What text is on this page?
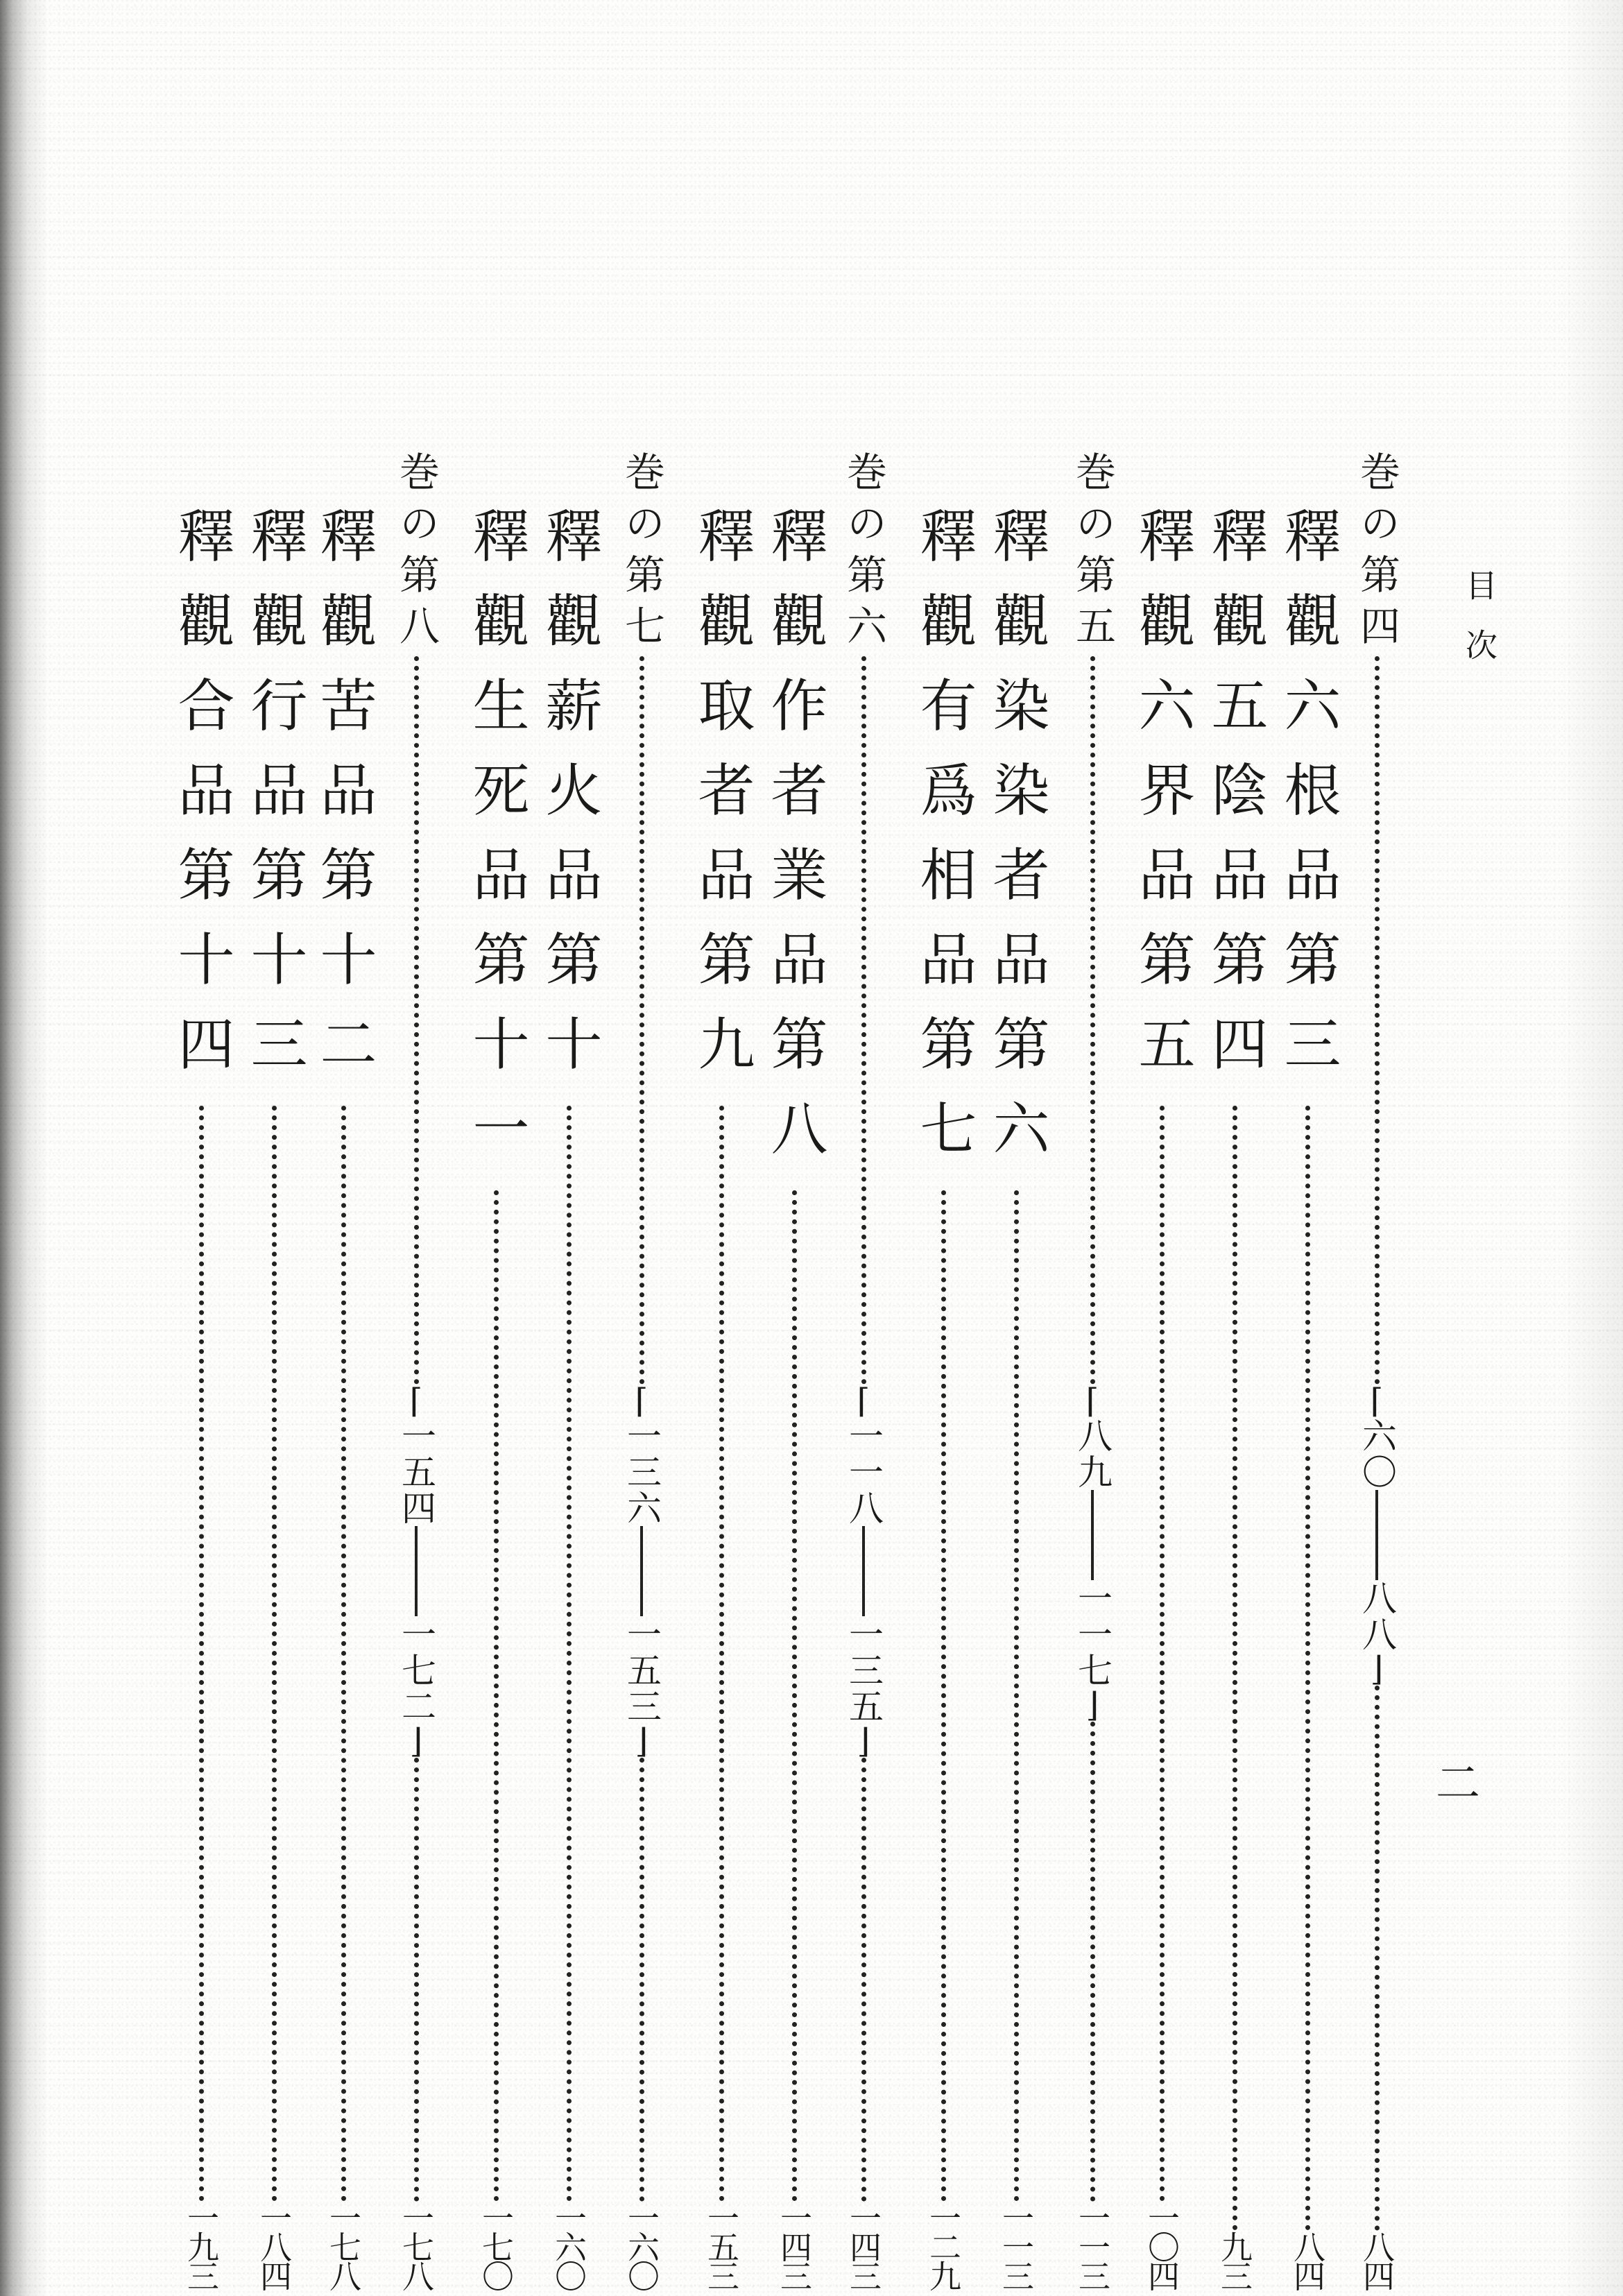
目次
二
巻の第四
⌈
六〇
八八
⌋
八四
釋觀六根品第三
八四
釋觀五陰品第四
九三
釋觀六界品第五
一〇四
巻の第五
⌈
八九
一一七
⌋
一一三
釋觀染染者品第六
一一三
釋觀有爲相品第七
一二九
巻の第六
⌈
一一八
一三五
⌋
一四三
釋觀作者業品第八
一四三
釋觀取者品第九
一五三
巻の第七
⌈
一三六
一五三
⌋
一六〇
釋觀薪火品第十
一六〇
釋觀生死品第十一
一七〇
巻の第八
⌈
一五四
一七二
⌋
一七八
釋觀苦品第十二
一七八
釋觀行品第十三
一八四
釋觀合品第十四
一九三
